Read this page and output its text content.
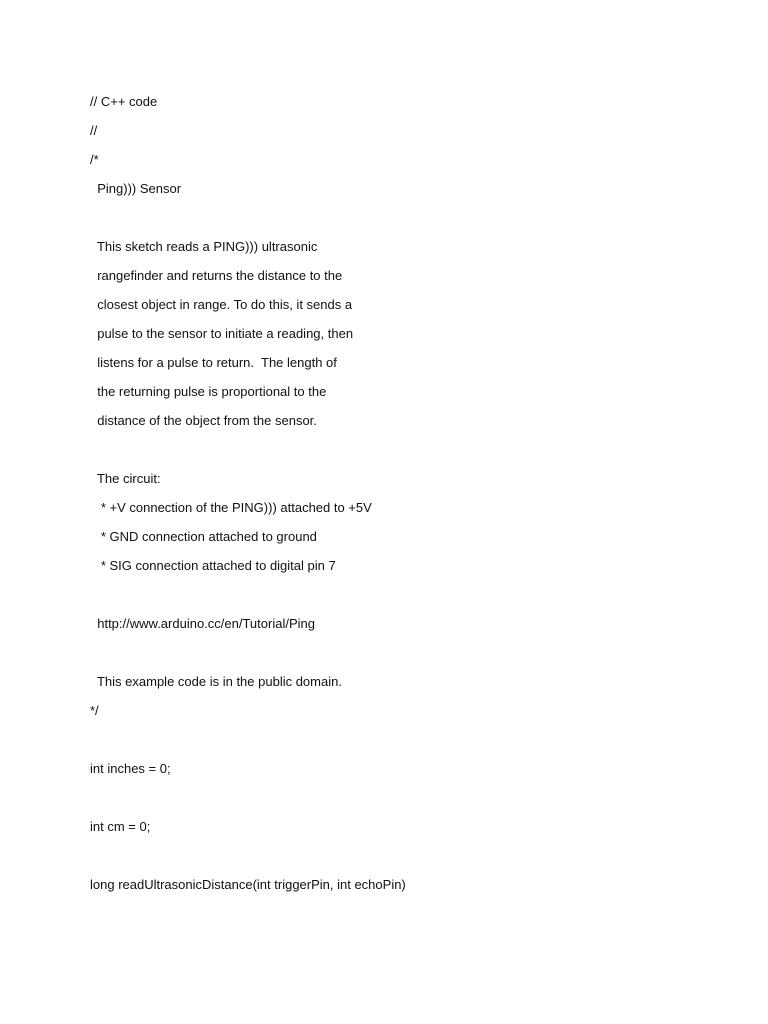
// C++ code
//
/*
Ping))) Sensor
This sketch reads a PING))) ultrasonic
rangefinder and returns the distance to the
closest object in range. To do this, it sends a
pulse to the sensor to initiate a reading, then
listens for a pulse to return.  The length of
the returning pulse is proportional to the
distance of the object from the sensor.
The circuit:
* +V connection of the PING))) attached to +5V
* GND connection attached to ground
* SIG connection attached to digital pin 7
http://www.arduino.cc/en/Tutorial/Ping
This example code is in the public domain.
*/
int inches = 0;
int cm = 0;
long readUltrasonicDistance(int triggerPin, int echoPin)
